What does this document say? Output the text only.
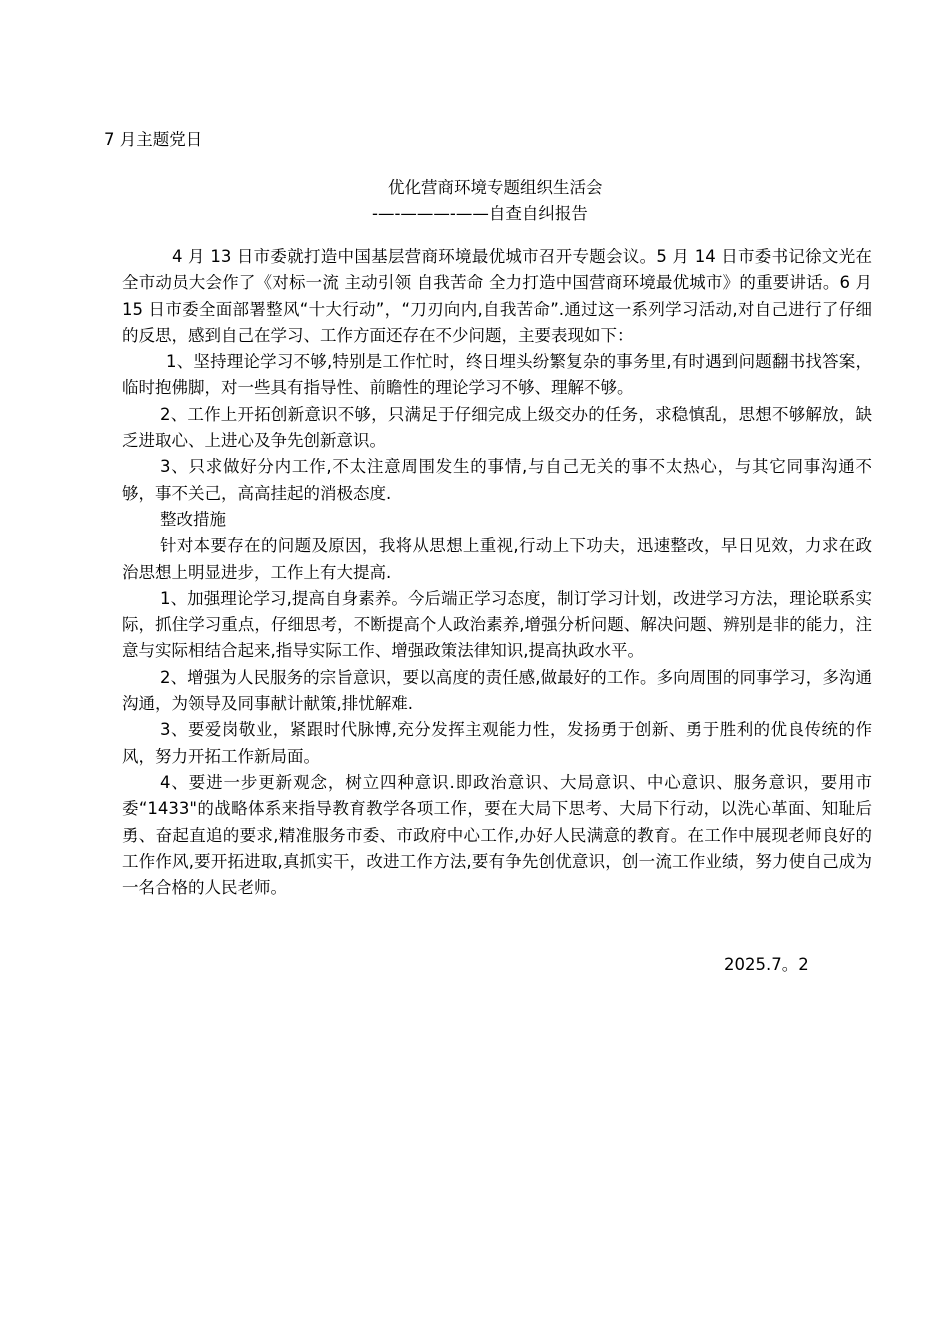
7 月主题党日
优化营商环境专题组织生活会
-—-———-——自查自纠报告

4 月 13 日市委就打造中国基层营商环境最优城市召开专题会议。5 月 14 日市委书记徐文光在全市动员大会作了《对标一流 主动引领 自我苦命 全力打造中国营商环境最优城市》的重要讲话。6 月 15 日市委全面部署整风“十大行动”，“刀刃向内,自我苦命”.通过这一系列学习活动,对自己进行了仔细的反思，感到自己在学习、工作方面还存在不少问题，主要表现如下：

1、坚持理论学习不够,特别是工作忙时，终日埋头纷繁复杂的事务里,有时遇到问题翻书找答案，临时抱佛脚，对一些具有指导性、前瞻性的理论学习不够、理解不够。

2、工作上开拓创新意识不够，只满足于仔细完成上级交办的任务，求稳慎乱，思想不够解放，缺乏进取心、上进心及争先创新意识。

3、只求做好分内工作,不太注意周围发生的事情,与自己无关的事不太热心，与其它同事沟通不够，事不关己，高高挂起的消极态度.

整改措施

针对本要存在的问题及原因，我将从思想上重视,行动上下功夫，迅速整改，早日见效，力求在政治思想上明显进步，工作上有大提高.

1、加强理论学习,提高自身素养。今后端正学习态度，制订学习计划，改进学习方法，理论联系实际，抓住学习重点，仔细思考，不断提高个人政治素养,增强分析问题、解决问题、辨别是非的能力，注意与实际相结合起来,指导实际工作、增强政策法律知识,提高执政水平。

2、增强为人民服务的宗旨意识，要以高度的责任感,做最好的工作。多向周围的同事学习，多沟通沟通，为领导及同事献计献策,排忧解难.

3、要爱岗敬业，紧跟时代脉博,充分发挥主观能力性，发扬勇于创新、勇于胜利的优良传统的作风，努力开拓工作新局面。

4、要进一步更新观念，树立四种意识.即政治意识、大局意识、中心意识、服务意识，要用市委“1433"的战略体系来指导教育教学各项工作，要在大局下思考、大局下行动，以洗心革面、知耻后勇、奋起直追的要求,精准服务市委、市政府中心工作,办好人民满意的教育。在工作中展现老师良好的工作作风,要开拓进取,真抓实干，改进工作方法,要有争先创优意识，创一流工作业绩，努力使自己成为一名合格的人民老师。

2025.7。2
